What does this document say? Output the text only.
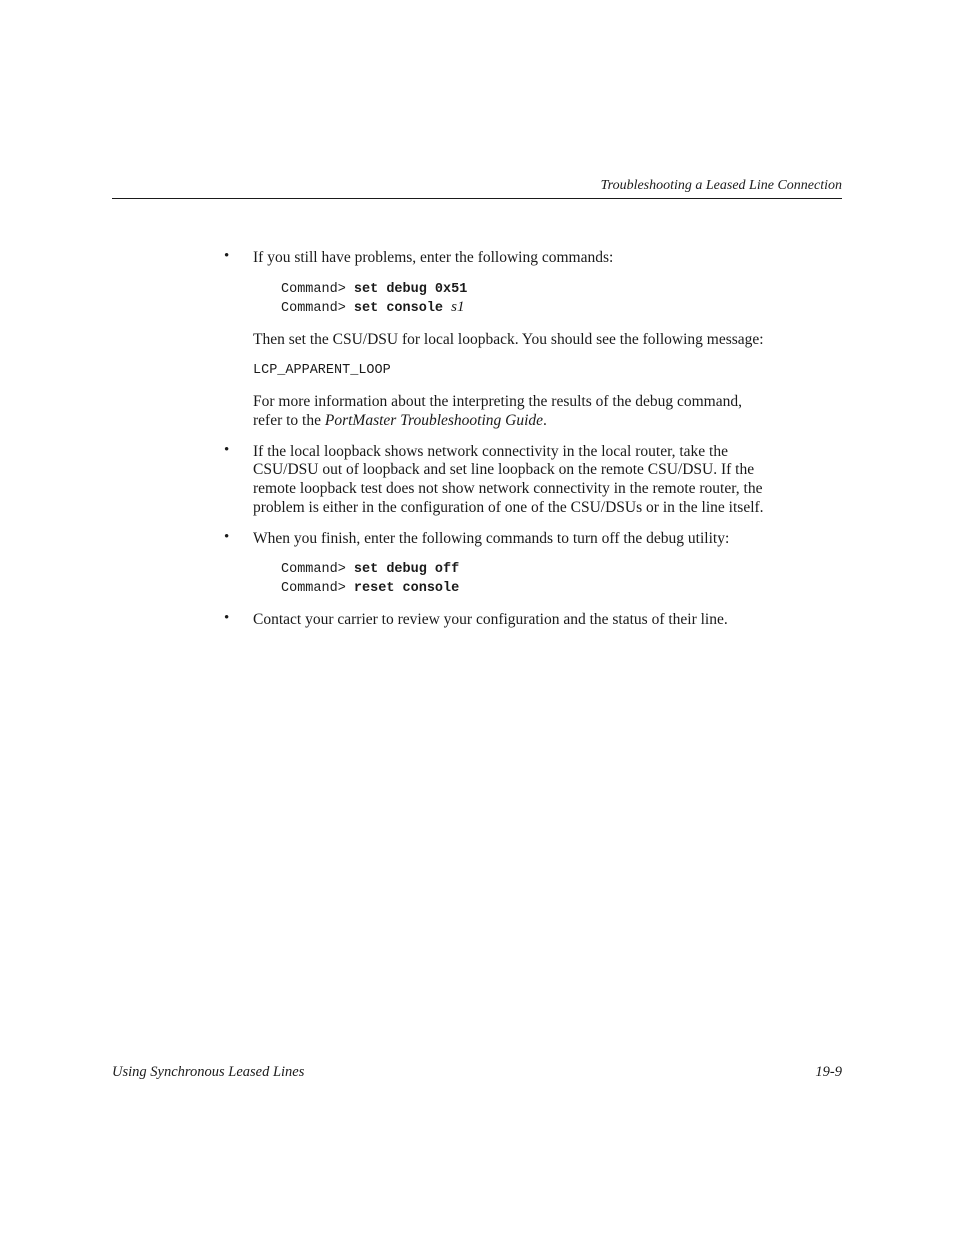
Troubleshooting a Leased Line Connection
• If you still have problems, enter the following commands:
Command> set debug 0x51
Command> set console s1
Then set the CSU/DSU for local loopback. You should see the following message:
LCP_APPARENT_LOOP
For more information about the interpreting the results of the debug command,
refer to the PortMaster Troubleshooting Guide.
• If the local loopback shows network connectivity in the local router, take the
CSU/DSU out of loopback and set line loopback on the remote CSU/DSU. If the
remote loopback test does not show network connectivity in the remote router, the
problem is either in the configuration of one of the CSU/DSUs or in the line itself.
• When you finish, enter the following commands to turn off the debug utility:
Command> set debug off
Command> reset console
• Contact your carrier to review your configuration and the status of their line.
Using Synchronous Leased Lines	19-9
